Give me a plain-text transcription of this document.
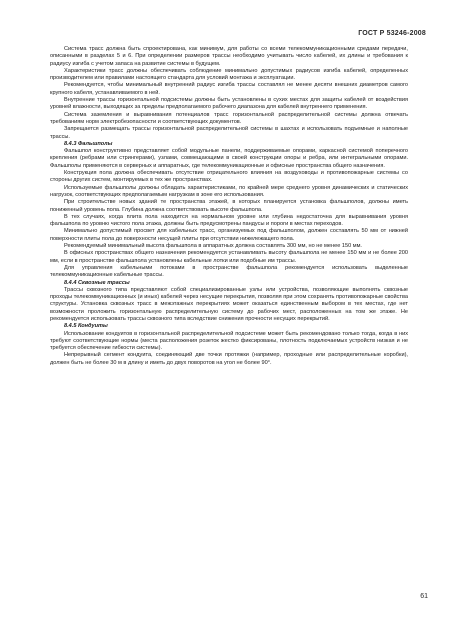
ГОСТ Р 53246-2008

Система трасс должна быть спроектирована, как минимум, для работы со всеми телекоммуникационными средами передачи, описанными в разделах 5 и 6. При определении размеров трассы необходимо учитывать число кабелей, их длины и требования к радиусу изгиба с учетом запаса на развитие системы в будущем.

Характеристики трасс должны обеспечивать соблюдение минимально допустимых радиусов изгиба кабелей, определенных производителем или правилами настоящего стандарта для условий монтажа и эксплуатации.

Рекомендуется, чтобы минимальный внутренний радиус изгиба трассы составлял не менее десяти внешних диаметров самого крупного кабеля, устанавливаемого в ней.

Внутренние трассы горизонтальной подсистемы должны быть установлены в сухих местах для защиты кабелей от воздействия уровней влажности, выходящих за пределы предполагаемого рабочего диапазона для кабелей внутреннего применения.

Система заземления и выравнивания потенциалов трасс горизонтальной распределительной системы должна отвечать требованиям норм электробезопасности и соответствующих документов.

Запрещается размещать трассы горизонтальной распределительной системы в шахтах и использовать подъемные и наполные трассы.

8.4.3 Фальшполы

Фальшпол конструктивно представляет собой модульные панели, поддерживаемые опорами, каркасной системой поперечного крепления (ребрами или стрингерами), узлами, совмещающими в своей конструкции опоры и ребра, или интегральными опорами. Фальшполы применяются в серверных и аппаратных, где телекоммуникационные и офисные пространства общего назначения.

Конструкция пола должна обеспечивать отсутствие отрицательного влияния на воздуховоды и противопожарные системы со стороны других систем, монтируемых в тех же пространствах.

Используемые фальшполы должны обладать характеристиками, по крайней мере среднего уровня динамических и статических нагрузок, соответствующих предполагаемым нагрузкам в зоне его использования.

При строительстве новых зданий те пространства этажей, в которых планируется установка фальшполов, должны иметь пониженный уровень пола. Глубина должна соответствовать высоте фальшпола.

В тех случаях, когда плита пола находится на нормальном уровне или глубина недостаточна для выравнивания уровня фальшпола по уровню чистого пола этажа, должны быть предусмотрены пандусы и пороги в местах переходов.

Минимально допустимый просвет для кабельных трасс, организуемых под фальшполом, должен составлять 50 мм от нижней поверхности плиты пола до поверхности несущей плиты при отсутствии нижележащего пола.

Рекомендуемый минимальный высота фальшпола в аппаратных должна составлять 300 мм, но не менее 150 мм.

В офисных пространствах общего назначения рекомендуется устанавливать высоту фальшпола не менее 150 мм и не более 200 мм, если в пространстве фальшпола установлены кабельные лотки или подобные им трассы.

Для управления кабельными потоками в пространстве фальшпола рекомендуется использовать выделенные телекоммуникационные кабельные трассы.

8.4.4 Сквозные трассы

Трассы сквозного типа представляют собой специализированные узлы или устройства, позволяющие выполнять сквозные проходы телекоммуникационных (и иных) кабелей через несущие перекрытия, позволяя при этом сохранять противопожарные свойства структуры. Установка сквозных трасс в межэтажных перекрытиях может оказаться единственным выбором в тех местах, где нет возможности проложить горизонтальную распределительную систему до рабочих мест, расположенных на том же этаже. Не рекомендуется использовать трассы сквозного типа вследствие снижения прочности несущих перекрытий.

8.4.5 Кондуиты

Использование кондуитов в горизонтальной распределительной подсистеме может быть рекомендовано только тогда, когда в них требуют соответствующие нормы (места расположения розеток жестко фиксированы, плотность подключаемых устройств низкая и не требуется обеспечение гибкости системы).

Непрерывный сегмент кондуита, соединяющий две точки протяжки (например, проходные или распределительные коробки), должен быть не более 30 м в длину и иметь до двух поворотов на угол не более 90°.

61
